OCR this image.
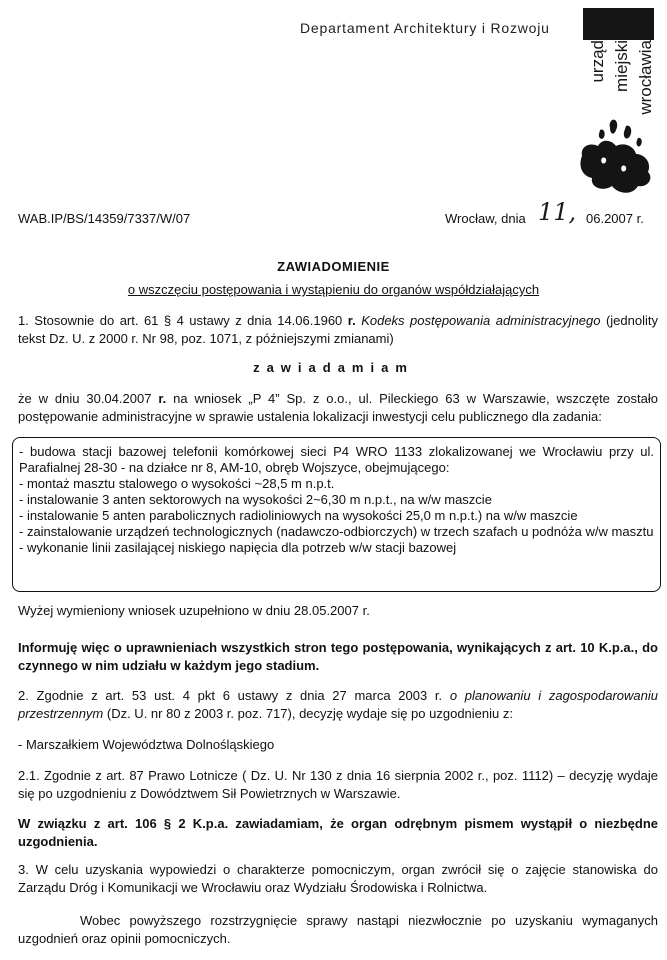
Departament Architektury i Rozwoju
urząd miejski wrocławia
WAB.IP/BS/14359/7337/W/07	Wrocław, dnia 11, 06.2007 r.
ZAWIADOMIENIE
o wszczęciu postępowania i wystąpieniu do organów współdziałających
1. Stosownie do art. 61 § 4 ustawy z dnia 14.06.1960 r. Kodeks postępowania administracyjnego (jednolity tekst Dz. U. z 2000 r. Nr 98, poz. 1071, z późniejszymi zmianami)
zawiadamiam
że w dniu 30.04.2007 r. na wniosek „P 4” Sp. z o.o., ul. Pileckiego 63 w Warszawie, wszczęte zostało postępowanie administracyjne w sprawie ustalenia lokalizacji inwestycji celu publicznego dla zadania:
- budowa stacji bazowej telefonii komórkowej sieci P4 WRO 1133 zlokalizowanej we Wrocławiu przy ul. Parafialnej 28-30 - na działce nr 8, AM-10, obręb Wojszyce, obejmującego:
- montaż masztu stalowego o wysokości ~28,5 m n.p.t.
- instalowanie 3 anten sektorowych na wysokości 2~6,30 m n.p.t., na w/w maszcie
- instalowanie 5 anten parabolicznych radioliniowych na wysokości 25,0 m n.p.t.) na w/w maszcie
- zainstalowanie urządzeń technologicznych (nadawczo-odbiorczych) w trzech szafach u podnóża w/w masztu
- wykonanie linii zasilającej niskiego napięcia dla potrzeb w/w stacji bazowej
Wyżej wymieniony wniosek uzupełniono w dniu 28.05.2007 r.
Informuję więc o uprawnieniach wszystkich stron tego postępowania, wynikających z art. 10 K.p.a., do czynnego w nim udziału w każdym jego stadium.
2. Zgodnie z art. 53 ust. 4 pkt 6 ustawy z dnia 27 marca 2003 r. o planowaniu i zagospodarowaniu przestrzennym (Dz. U. nr 80 z 2003 r. poz. 717), decyzję wydaje się po uzgodnieniu z:
- Marszałkiem Województwa Dolnośląskiego
2.1. Zgodnie z art. 87 Prawo Lotnicze ( Dz. U. Nr 130 z dnia 16 sierpnia 2002 r., poz. 1112) – decyzję wydaje się po uzgodnieniu z Dowództwem Sił Powietrznych w Warszawie.
W związku z art. 106 § 2 K.p.a. zawiadamiam, że organ odrębnym pismem wystąpił o niezbędne uzgodnienia.
3. W celu uzyskania wypowiedzi o charakterze pomocniczym, organ zwrócił się o zajęcie stanowiska do Zarządu Dróg i Komunikacji we Wrocławiu oraz Wydziału Środowiska i Rolnictwa.
Wobec powyższego rozstrzygnięcie sprawy nastąpi niezwłocznie po uzyskaniu wymaganych uzgodnień oraz opinii pomocniczych.
